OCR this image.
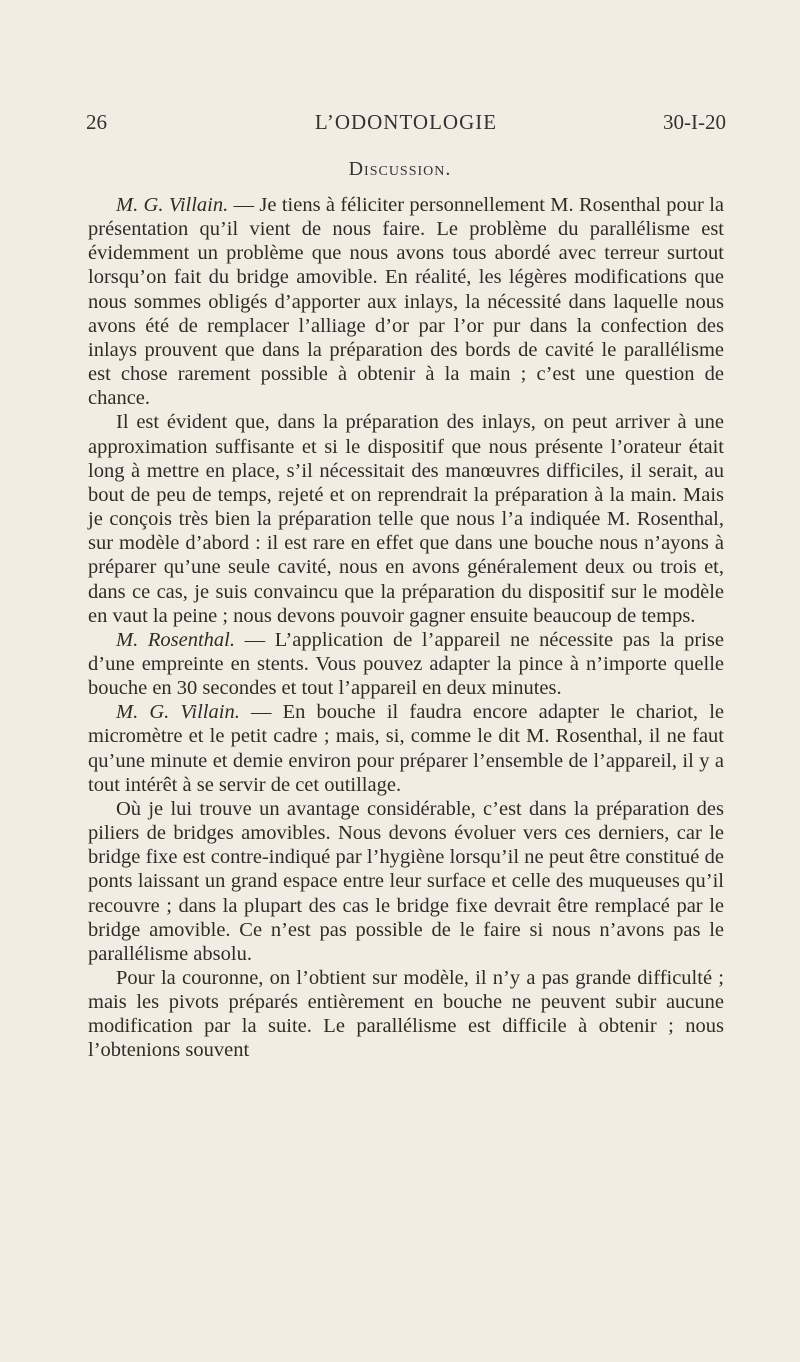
26	L’ODONTOLOGIE	30-I-20
Discussion.

M. G. Villain. — Je tiens à féliciter personnellement M. Rosenthal pour la présentation qu’il vient de nous faire. Le problème du parallélisme est évidemment un problème que nous avons tous abordé avec terreur surtout lorsqu’on fait du bridge amovible. En réalité, les légères modifications que nous sommes obligés d’apporter aux inlays, la nécessité dans laquelle nous avons été de remplacer l’alliage d’or par l’or pur dans la confection des inlays prouvent que dans la préparation des bords de cavité le parallélisme est chose rarement possible à obtenir à la main ; c’est une question de chance.

Il est évident que, dans la préparation des inlays, on peut arriver à une approximation suffisante et si le dispositif que nous présente l’orateur était long à mettre en place, s’il nécessitait des manœuvres difficiles, il serait, au bout de peu de temps, rejeté et on reprendrait la préparation à la main. Mais je conçois très bien la préparation telle que nous l’a indiquée M. Rosenthal, sur modèle d’abord : il est rare en effet que dans une bouche nous n’ayons à préparer qu’une seule cavité, nous en avons généralement deux ou trois et, dans ce cas, je suis convaincu que la préparation du dispositif sur le modèle en vaut la peine ; nous devons pouvoir gagner ensuite beaucoup de temps.

M. Rosenthal. — L’application de l’appareil ne nécessite pas la prise d’une empreinte en stents. Vous pouvez adapter la pince à n’importe quelle bouche en 30 secondes et tout l’appareil en deux minutes.

M. G. Villain. — En bouche il faudra encore adapter le chariot, le micromètre et le petit cadre ; mais, si, comme le dit M. Rosenthal, il ne faut qu’une minute et demie environ pour préparer l’ensemble de l’appareil, il y a tout intérêt à se servir de cet outillage.

Où je lui trouve un avantage considérable, c’est dans la préparation des piliers de bridges amovibles. Nous devons évoluer vers ces derniers, car le bridge fixe est contre-indiqué par l’hygiène lorsqu’il ne peut être constitué de ponts laissant un grand espace entre leur surface et celle des muqueuses qu’il recouvre ; dans la plupart des cas le bridge fixe devrait être remplacé par le bridge amovible. Ce n’est pas possible de le faire si nous n’avons pas le parallélisme absolu.

Pour la couronne, on l’obtient sur modèle, il n’y a pas grande difficulté ; mais les pivots préparés entièrement en bouche ne peuvent subir aucune modification par la suite. Le parallélisme est difficile à obtenir ; nous l’obtenions souvent
